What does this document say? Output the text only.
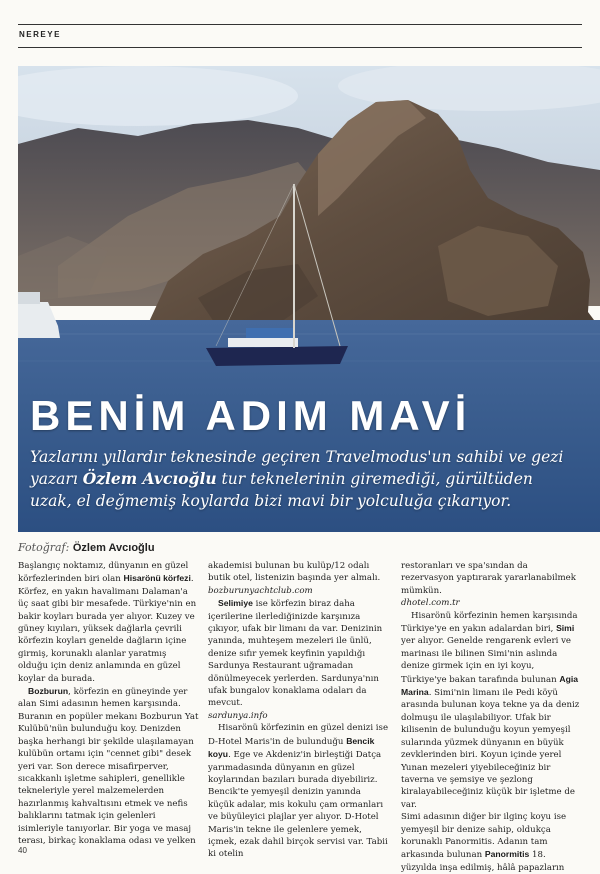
NEREYE
BENİM ADIM MAVİ
Yazlarını yıllardır teknesinde geçiren Travelmodus'un sahibi ve gezi yazarı Özlem Avcıoğlu tur teknelerinin giremediği, gürültüden uzak, el değmemiş koylarda bizi mavi bir yolculuğa çıkarıyor.
Fotoğraf: Özlem Avcıoğlu

Başlangıç noktamız, dünyanın en güzel körfezlerinden biri olan Hisarönü körfezi. Körfez, en yakın havalimanı Dalaman'a üç saat gibi bir mesafede. Türkiye'nin en bakir koyları burada yer alıyor. Kuzey ve güney kıyıları, yüksek dağlarla çevrili körfezin koyları genelde dağların içine girmiş, korunaklı alanlar yaratmış olduğu için deniz anlamında en güzel koylar da burada.

Bozburun, körfezin en güneyinde yer alan Simi adasının hemen karşısında. Buranın en popüler mekanı Bozburun Yat Kulübü'nün bulunduğu koy. Denizden başka herhangi bir şekilde ulaşılamayan kulübün ortamı için "cennet gibi" desek yeri var. Son derece misafirperver, sıcakkanlı işletme sahipleri, genellikle tekneleriyle yerel malzemelerden hazırlanmış kahvaltısını etmek ve nefis balıklarını tatmak için gelenleri isimleriyle tanıyorlar. Bir yoga ve masaj terası, birkaç konaklama odası ve yelken

akademisi bulunan bu kulüp/12 odalı butik otel, listenizin başında yer almalı.

bozburunyachtclub.com

Selimiye ise körfezin biraz daha içerilerine ilerlediğinizde karşınıza çıkıyor, ufak bir limanı da var. Denizinin yanında, muhteşem mezeleri ile ünlü, denize sıfır yemek keyfinin yapıldığı Sardunya Restaurant uğramadan dönülmeyecek yerlerden. Sardunya'nın ufak bungalov konaklama odaları da mevcut.

sardunya.info

Hisarönü körfezinin en güzel denizi ise D-Hotel Maris'in de bulunduğu Bencik koyu. Ege ve Akdeniz'in birleştiği Datça yarımadasında dünyanın en güzel koylarından bazıları burada diyebiliriz. Bencik'te yemyeşil denizin yanında küçük adalar, mis kokulu çam ormanları ve büyüleyici plajlar yer alıyor. D-Hotel Maris'in tekne ile gelenlere yemek, içmek, ezak dahil birçok servisi var. Tabii ki otelin

restoranları ve spa'sından da rezervasyon yaptırarak yararlanabilmek mümkün.

dhotel.com.tr

Hisarönü körfezinin hemen karşısında Türkiye'ye en yakın adalardan biri, Simi yer alıyor. Genelde rengarenk evleri ve marinası ile bilinen Simi'nin aslında denize girmek için en iyi koyu, Türkiye'ye bakan tarafında bulunan Agia Marina. Simi'nin limanı ile Pedi köyü arasında bulunan koya tekne ya da deniz dolmuşu ile ulaşılabiliyor. Ufak bir kilisenin de bulunduğu koyun yemyeşil sularında yüzmek dünyanın en büyük zevklerinden biri. Koyun içinde yerel Yunan mezeleri yiyebileceğiniz bir taverna ve şemsiye ve şezlong kiralayabileceğiniz küçük bir işletme de var.

Simi adasının diğer bir ilginç koyu ise yemyeşil bir denize sahip, oldukça korunaklı Panormitis. Adanın tam arkasında bulunan Panormitis 18. yüzyılda inşa edilmiş, hâlâ papazların

40
